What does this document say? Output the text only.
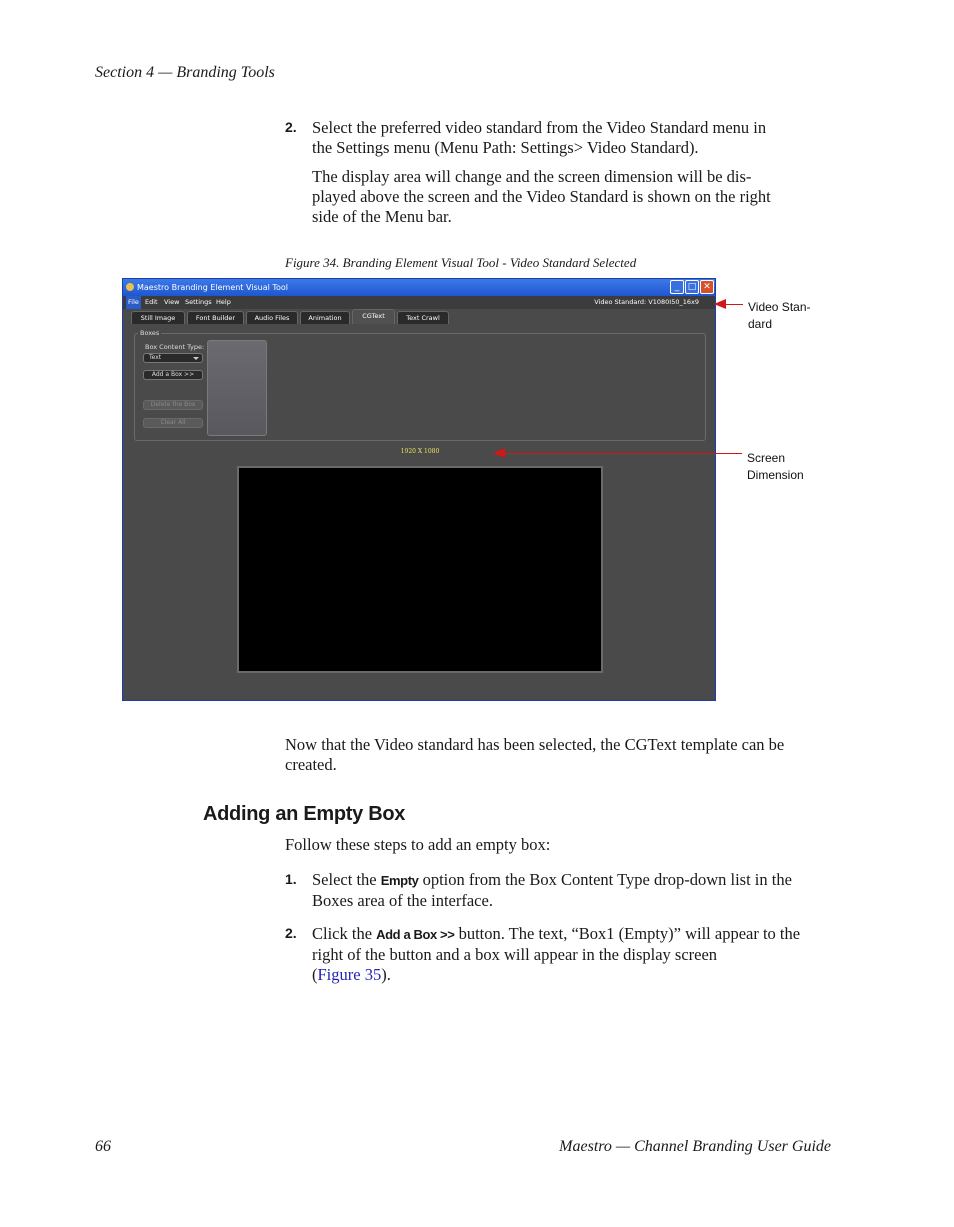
Section 4 — Branding Tools
2. Select the preferred video standard from the Video Standard menu in
the Settings menu (Menu Path: Settings> Video Standard).
The display area will change and the screen dimension will be dis-
played above the screen and the Video Standard is shown on the right
side of the Menu bar.
Figure 34. Branding Element Visual Tool - Video Standard Selected
Maestro Branding Element Visual Tool	_ □ ✕
File Edit View Settings Help	Video Standard: V1080I50_16x9
Still Image	Font Builder	Audio Files	Animation	CGText	Text Crawl
Boxes
Box Content Type:
Text
Add a Box >>
Delete the Box
Clear All
1920 X 1080
Video Stan-
dard
Screen
Dimension
Now that the Video standard has been selected, the CGText template can be
created.
Adding an Empty Box
Follow these steps to add an empty box:
1. Select the Empty option from the Box Content Type drop-down list in the
Boxes area of the interface.
2. Click the Add a Box >> button. The text, “Box1 (Empty)” will appear to the
right of the button and a box will appear in the display screen
(Figure 35).
66	Maestro — Channel Branding User Guide
